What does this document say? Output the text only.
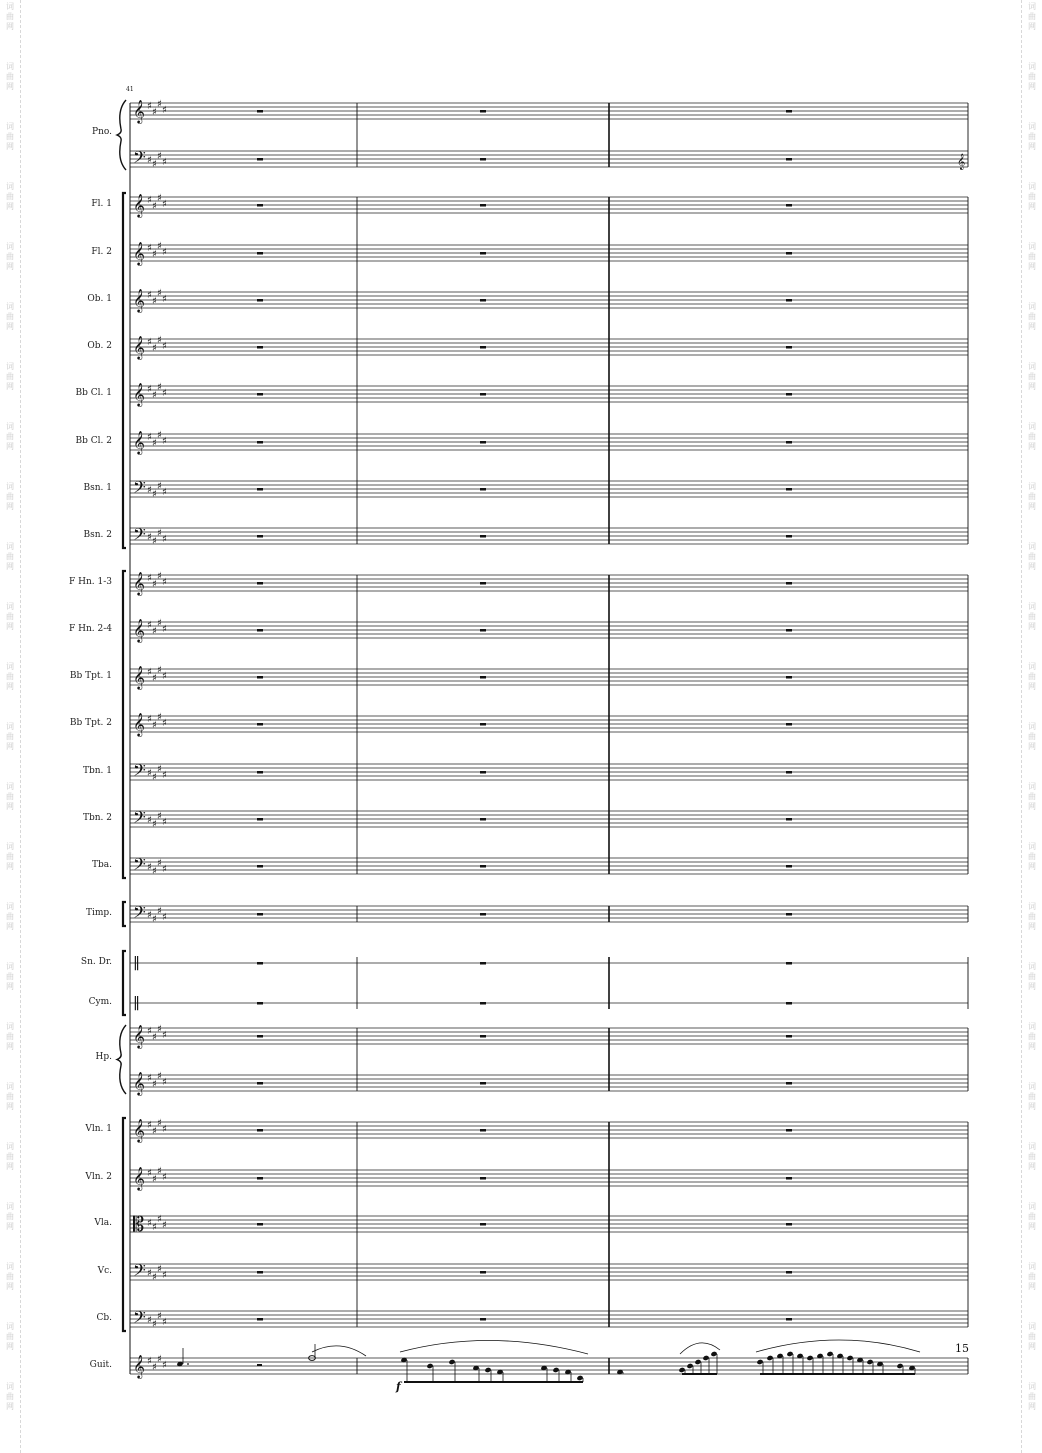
𝄞 ♯
♯
♯
♯
𝄢 ♯ ♯
♯
♯
𝄞 ♯
♯
♯
♯
𝄞 ♯
♯
♯
♯
𝄞 ♯
♯
♯
♯
𝄞 ♯
♯
♯
♯
𝄞 ♯
♯
♯
♯
𝄞 ♯
♯
♯
♯
𝄢 ♯ ♯
♯
♯
𝄢 ♯ ♯
♯
♯
𝄞 ♯
♯
♯
♯
𝄞 ♯
♯
♯
♯
𝄞 ♯
♯
♯
♯
𝄞 ♯
♯
♯
♯
𝄢 ♯ ♯
♯
♯
𝄢 ♯ ♯
♯
♯
𝄢 ♯ ♯
♯
♯
𝄢 ♯ ♯
♯
♯
‖
‖
𝄞 ♯
♯
♯
♯
𝄞 ♯
♯
♯
♯
𝄞 ♯
♯
♯
♯
𝄞 ♯
♯
♯
♯
𝄡 ♯ ♯
♯
♯
𝄢 ♯ ♯
♯
♯
𝄢 ♯ ♯
♯
♯
𝄞 ♯
♯
♯
♯
𝄞
f
词
曲
网
词
曲
网
词
曲
网
词
曲
网
词
曲
网
词
曲
网
词
曲
网
词
曲
网
词
曲
网
词
曲
网
词
曲
网
词
曲
网
词
曲
网
词
曲
网
词
曲
网
词
曲
网
词
曲
网
词
曲
网
词
曲
网
词
曲
网
词
曲
网
词
曲
网
词
曲
网
词
曲
网
词
曲
网
词
曲
网
词
曲
网
词
曲
网
词
曲
网
词
曲
网
词
曲
网
词
曲
网
词
曲
网
词
曲
网
词
曲
网
词
曲
网
词
曲
网
词
曲
网
词
曲
网
词
曲
网
词
曲
网
词
曲
网
词
曲
网
词
曲
网
词
曲
网
词
曲
网
词
曲
网
词
曲
网
41
15
Pno.
Fl. 1
Fl. 2
Ob. 1
Ob. 2
Bb Cl. 1
Bb Cl. 2
Bsn. 1
Bsn. 2
F Hn. 1-3
F Hn. 2-4
Bb Tpt. 1
Bb Tpt. 2
Tbn. 1
Tbn. 2
Tba.
Timp.
Sn. Dr.
Cym.
Hp.
Vln. 1
Vln. 2
Vla.
Vc.
Cb.
Guit.
